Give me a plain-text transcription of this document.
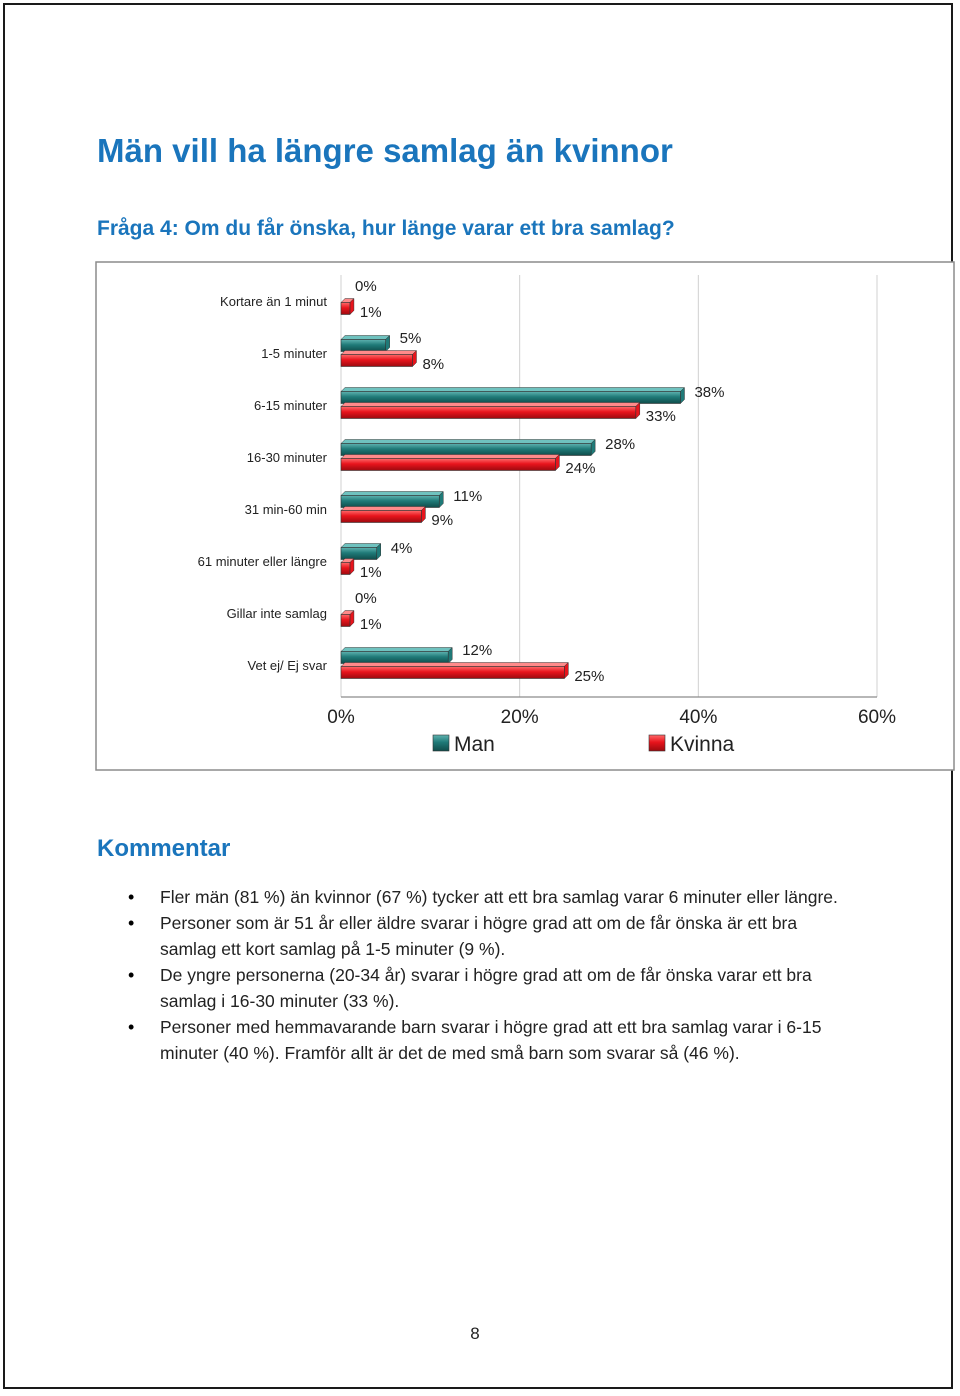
Män vill ha längre samlag än kvinnor
Fråga 4: Om du får önska, hur länge varar ett bra samlag?
Kortare än 1 minut
0%
1%
1-5 minuter
5%
8%
6-15 minuter
38%
33%
16-30 minuter
28%
24%
31 min-60 min
11%
9%
61 minuter eller längre
4%
1%
Gillar inte samlag
0%
1%
Vet ej/ Ej svar
12%
25%
0%	20%	40%	60%
Man	Kvinna
Kommentar
• Fler män (81 %) än kvinnor (67 %) tycker att ett bra samlag varar 6 minuter eller längre.
• Personer som är 51 år eller äldre svarar i högre grad att om de får önska är ett bra samlag ett kort samlag på 1-5 minuter (9 %).
• De yngre personerna (20-34 år) svarar i högre grad att om de får önska varar ett bra samlag i 16-30 minuter (33 %).
• Personer med hemmavarande barn svarar i högre grad att ett bra samlag varar i 6-15 minuter (40 %). Framför allt är det de med små barn som svarar så (46 %).
8
